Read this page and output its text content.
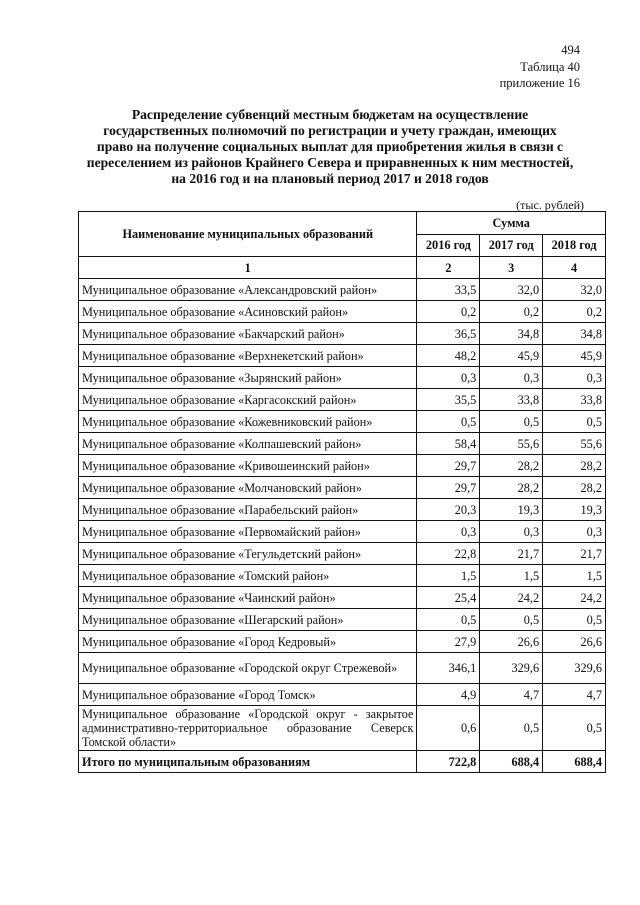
494
Таблица 40
приложение 16
Распределение субвенций местным бюджетам на осуществление
государственных полномочий по регистрации и учету граждан, имеющих
право на получение социальных выплат для приобретения жилья в связи с
переселением из районов Крайнего Севера и приравненных к ним местностей,
на 2016 год и на плановый период 2017 и 2018 годов
(тыс. рублей)
Наименование муниципальных образований	Сумма		
	2016 год	2017 год	2018 год
1	2	3	4
Муниципальное образование «Александровский район»	33,5	32,0	32,0
Муниципальное образование «Асиновский район»	0,2	0,2	0,2
Муниципальное образование «Бакчарский район»	36,5	34,8	34,8
Муниципальное образование «Верхнекетский район»	48,2	45,9	45,9
Муниципальное образование «Зырянский район»	0,3	0,3	0,3
Муниципальное образование «Каргасокский район»	35,5	33,8	33,8
Муниципальное образование «Кожевниковский район»	0,5	0,5	0,5
Муниципальное образование «Колпашевский район»	58,4	55,6	55,6
Муниципальное образование «Кривошеинский район»	29,7	28,2	28,2
Муниципальное образование «Молчановский район»	29,7	28,2	28,2
Муниципальное образование «Парабельский район»	20,3	19,3	19,3
Муниципальное образование «Первомайский район»	0,3	0,3	0,3
Муниципальное образование «Тегульдетский район»	22,8	21,7	21,7
Муниципальное образование «Томский район»	1,5	1,5	1,5
Муниципальное образование «Чаинский район»	25,4	24,2	24,2
Муниципальное образование «Шегарский район»	0,5	0,5	0,5
Муниципальное образование «Город Кедровый»	27,9	26,6	26,6
Муниципальное образование «Городской округ Стрежевой»	346,1	329,6	329,6
Муниципальное образование «Город Томск»	4,9	4,7	4,7
Муниципальное образование «Городской округ - закрытое административно-территориальное образование Северск Томской области»	0,6	0,5	0,5
Итого по муниципальным образованиям	722,8	688,4	688,4
